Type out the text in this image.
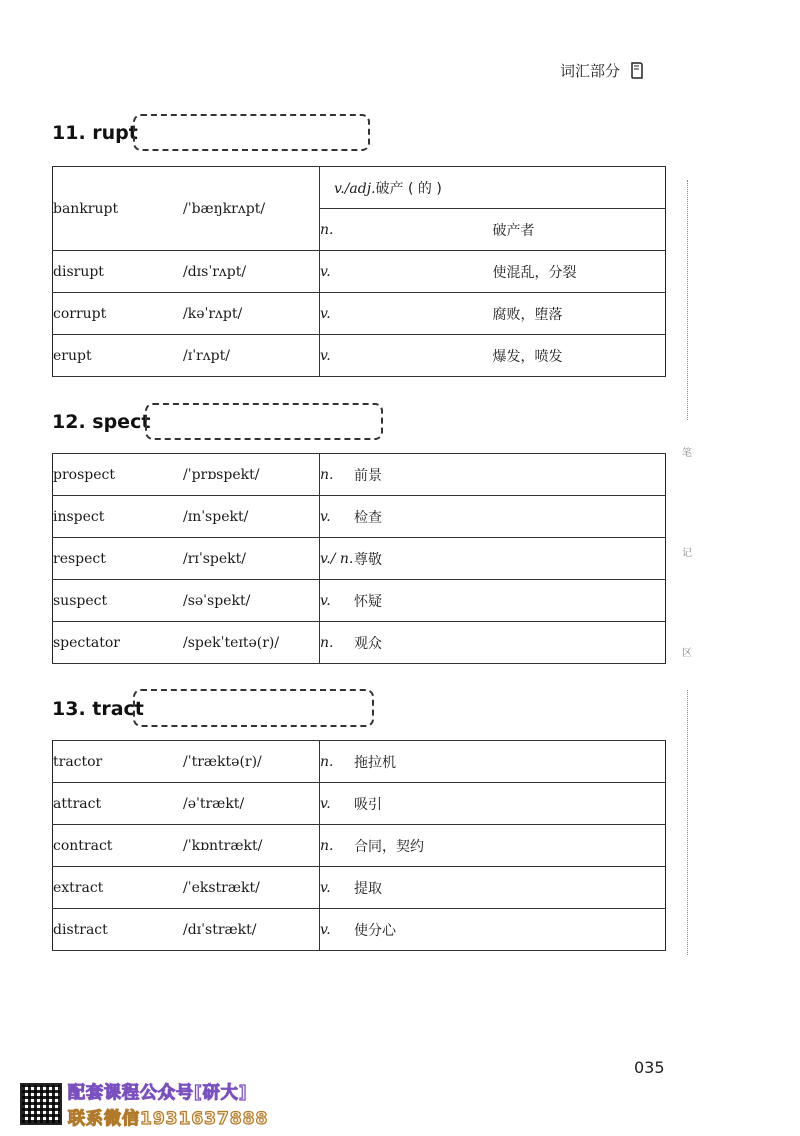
词汇部分
11. rupt
bankrupt	/ˈbæŋkrʌpt/	v./adj.破产 ( 的 )	
		n.	破产者
disrupt	/dɪsˈrʌpt/	v.	使混乱，分裂
corrupt	/kəˈrʌpt/	v.	腐败，堕落
erupt	/ɪˈrʌpt/	v.	爆发，喷发
12. spect
prospect	/ˈprɒspekt/	n.	前景
inspect	/ɪnˈspekt/	v.	检查
respect	/rɪˈspekt/	v./ n.	尊敬
suspect	/səˈspekt/	v.	怀疑
spectator	/spekˈteɪtə(r)/	n.	观众
13. tract
tractor	/ˈtræktə(r)/	n.	拖拉机
attract	/əˈtrækt/	v.	吸引
contract	/ˈkɒntrækt/	n.	合同，契约
extract	/ˈekstrækt/	v.	提取
distract	/dɪˈstrækt/	v.	使分心
笔
记
区
035
配套课程公众号[研大]
联系微信1931637888
